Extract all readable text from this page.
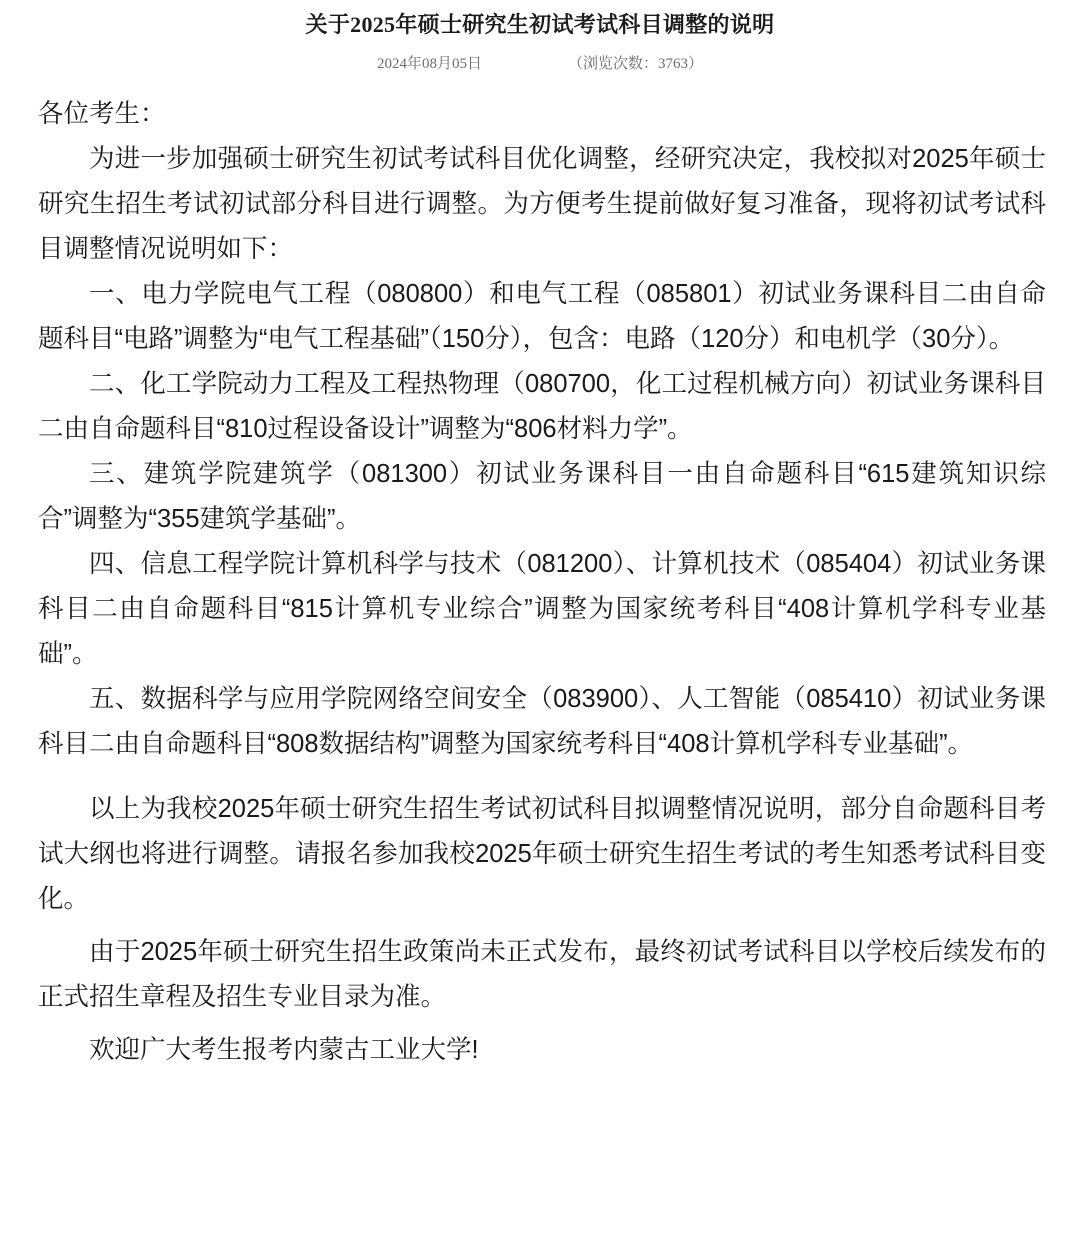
关于2025年硕士研究生初试考试科目调整的说明
2024年08月05日	（浏览次数：3763）

各位考生：

为进一步加强硕士研究生初试考试科目优化调整，经研究决定，我校拟对2025年硕士研究生招生考试初试部分科目进行调整。为方便考生提前做好复习准备，现将初试考试科目调整情况说明如下：

一、电力学院电气工程（080800）和电气工程（085801）初试业务课科目二由自命题科目“电路”调整为“电气工程基础”（150分），包含：电路（120分）和电机学（30分）。

二、化工学院动力工程及工程热物理（080700，化工过程机械方向）初试业务课科目二由自命题科目“810过程设备设计”调整为“806材料力学”。

三、建筑学院建筑学（081300）初试业务课科目一由自命题科目“615建筑知识综合”调整为“355建筑学基础”。

四、信息工程学院计算机科学与技术（081200）、计算机技术（085404）初试业务课科目二由自命题科目“815计算机专业综合”调整为国家统考科目“408计算机学科专业基础”。

五、数据科学与应用学院网络空间安全（083900）、人工智能（085410）初试业务课科目二由自命题科目“808数据结构”调整为国家统考科目“408计算机学科专业基础”。

以上为我校2025年硕士研究生招生考试初试科目拟调整情况说明，部分自命题科目考试大纲也将进行调整。请报名参加我校2025年硕士研究生招生考试的考生知悉考试科目变化。

由于2025年硕士研究生招生政策尚未正式发布，最终初试考试科目以学校后续发布的正式招生章程及招生专业目录为准。

欢迎广大考生报考内蒙古工业大学!
